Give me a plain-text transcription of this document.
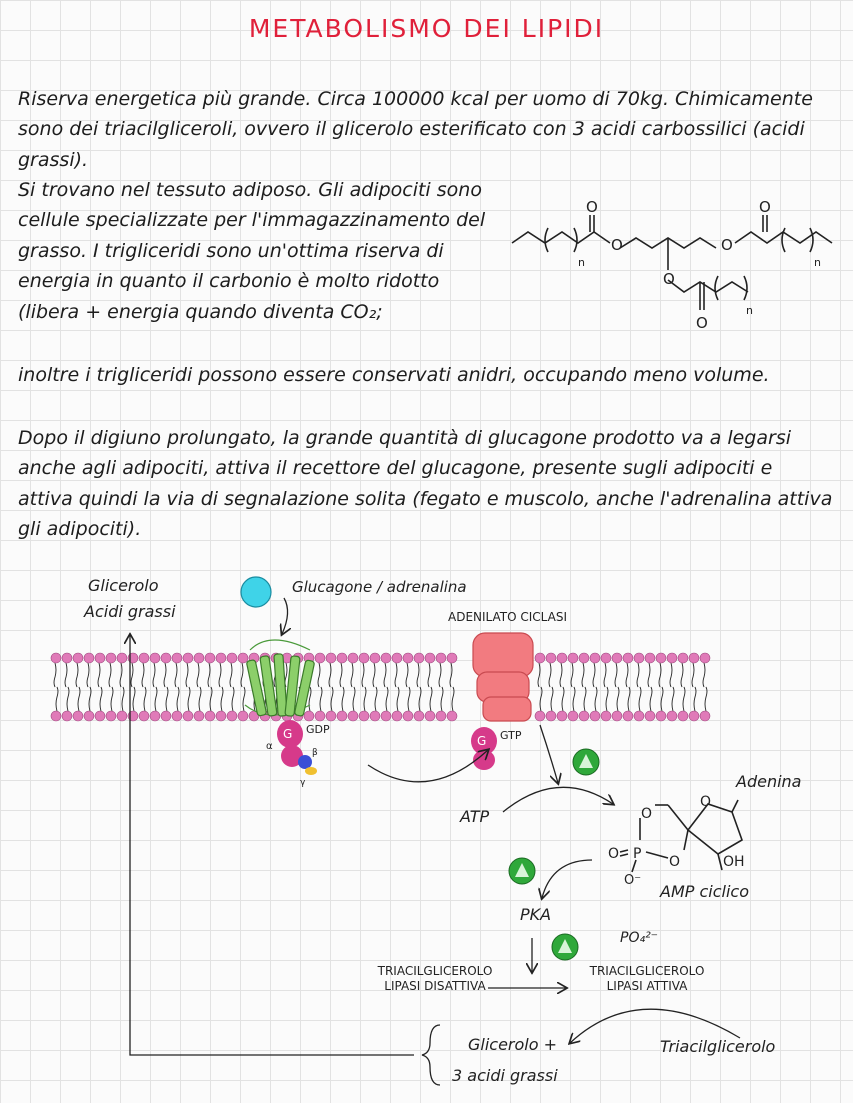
METABOLISMO DEI LIPIDI

Riserva energetica più grande. Circa 100000 kcal per uomo di 70kg. Chimicamente sono dei triacilgliceroli, ovvero il glicerolo esterificato con 3 acidi carbossilici (acidi grassi).

Si trovano nel tessuto adiposo. Gli adipociti sono cellule specializzate per l'immagazzinamento del grasso. I trigliceridi sono un'ottima riserva di energia in quanto il carbonio è molto ridotto (libera + energia quando diventa CO₂;

inoltre i trigliceridi possono essere conservati anidri, occupando meno volume.

Dopo il digiuno prolungato, la grande quantità di glucagone prodotto va a legarsi anche agli adipociti, attiva il recettore del glucagone, presente sugli adipociti e attiva quindi la via di segnalazione solita (fegato e muscolo, anche l'adrenalina attiva gli adipociti).

O
O
O
O
O
O
n	n
n
O
O
P
O
O⁻
O	OH
G	G
Glicerolo
Acidi grassi
Glucagone / adrenalina
ADENILATO CICLASI
GDP	GTP
α
β
γ
ATP
Adenina
AMP ciclico
PKA
PO₄²⁻
TRIACILGLICEROLO
LIPASI DISATTIVA
TRIACILGLICEROLO
LIPASI ATTIVA
Triacilglicerolo
Glicerolo +
3 acidi grassi
